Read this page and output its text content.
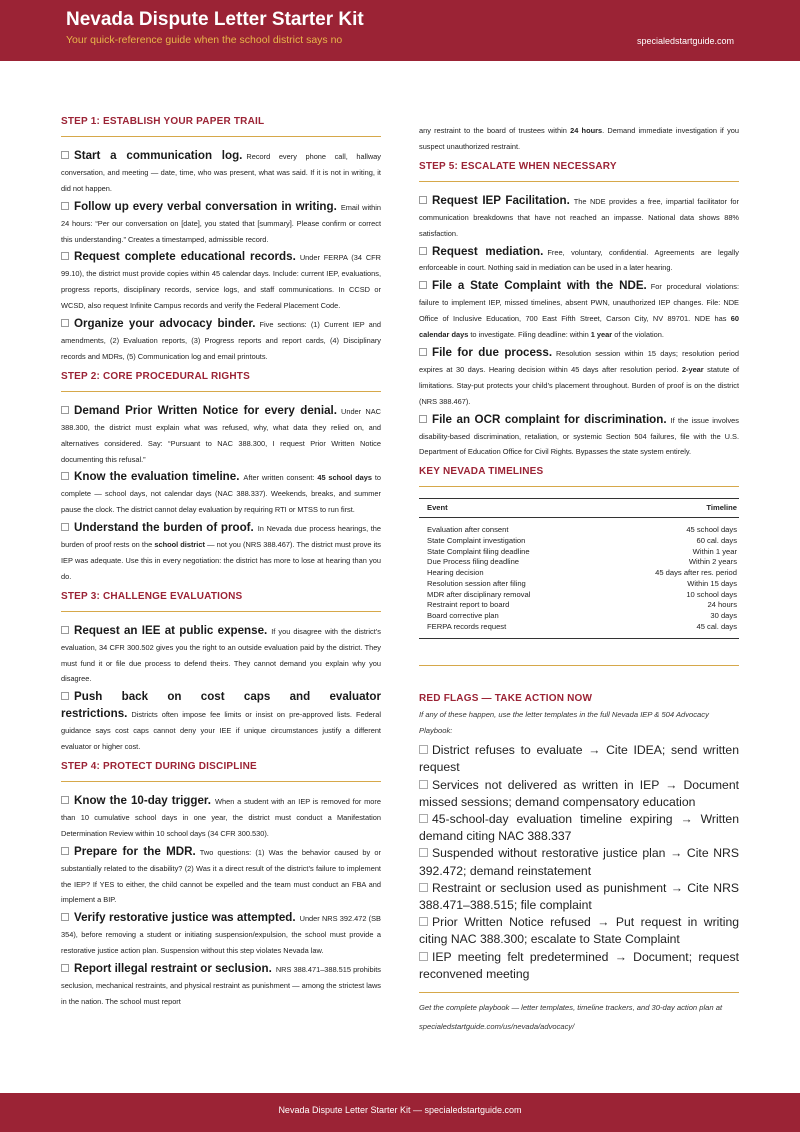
Nevada Dispute Letter Starter Kit
Your quick-reference guide when the school district says no	specialedstartguide.com
STEP 1: ESTABLISH YOUR PAPER TRAIL
Start a communication log. Record every phone call, hallway conversation, and meeting — date, time, who was present, what was said. If it is not in writing, it did not happen.
Follow up every verbal conversation in writing. Email within 24 hours: “Per our conversation on [date], you stated that [summary]. Please confirm or correct this understanding.” Creates a timestamped, admissible record.
Request complete educational records. Under FERPA (34 CFR 99.10), the district must provide copies within 45 calendar days. Include: current IEP, evaluations, progress reports, disciplinary records, service logs, and staff communications. In CCSD or WCSD, also request Infinite Campus records and verify the Federal Placement Code.
Organize your advocacy binder. Five sections: (1) Current IEP and amendments, (2) Evaluation reports, (3) Progress reports and report cards, (4) Disciplinary records and MDRs, (5) Communication log and email printouts.
STEP 2: CORE PROCEDURAL RIGHTS
Demand Prior Written Notice for every denial. Under NAC 388.300, the district must explain what was refused, why, what data they relied on, and alternatives considered. Say: “Pursuant to NAC 388.300, I request Prior Written Notice documenting this refusal.”
Know the evaluation timeline. After written consent: 45 school days to complete — school days, not calendar days (NAC 388.337). Weekends, breaks, and summer pause the clock. The district cannot delay evaluation by requiring RTI or MTSS to run first.
Understand the burden of proof. In Nevada due process hearings, the burden of proof rests on the school district — not you (NRS 388.467). The district must prove its IEP was adequate. Use this in every negotiation: the district has more to lose at hearing than you do.
STEP 3: CHALLENGE EVALUATIONS
Request an IEE at public expense. If you disagree with the district’s evaluation, 34 CFR 300.502 gives you the right to an outside evaluation paid by the district. They must fund it or file due process to defend theirs. They cannot demand you explain why you disagree.
Push back on cost caps and evaluator restrictions. Districts often impose fee limits or insist on pre-approved lists. Federal guidance says cost caps cannot deny your IEE if unique circumstances justify a different evaluator or higher cost.
STEP 4: PROTECT DURING DISCIPLINE
Know the 10-day trigger. When a student with an IEP is removed for more than 10 cumulative school days in one year, the district must conduct a Manifestation Determination Review within 10 school days (34 CFR 300.530).
Prepare for the MDR. Two questions: (1) Was the behavior caused by or substantially related to the disability? (2) Was it a direct result of the district’s failure to implement the IEP? If YES to either, the child cannot be expelled and the team must conduct an FBA and implement a BIP.
Verify restorative justice was attempted. Under NRS 392.472 (SB 354), before removing a student or initiating suspension/expulsion, the school must provide a restorative justice action plan. Suspension without this step violates Nevada law.
Report illegal restraint or seclusion. NRS 388.471–388.515 prohibits seclusion, mechanical restraints, and physical restraint as punishment — among the strictest laws in the nation. The school must report
any restraint to the board of trustees within 24 hours. Demand immediate investigation if you suspect unauthorized restraint.
STEP 5: ESCALATE WHEN NECESSARY
Request IEP Facilitation. The NDE provides a free, impartial facilitator for communication breakdowns that have not reached an impasse. National data shows 88% satisfaction.
Request mediation. Free, voluntary, confidential. Agreements are legally enforceable in court. Nothing said in mediation can be used in a later hearing.
File a State Complaint with the NDE. For procedural violations: failure to implement IEP, missed timelines, absent PWN, unauthorized IEP changes. File: NDE Office of Inclusive Education, 700 East Fifth Street, Carson City, NV 89701. NDE has 60 calendar days to investigate. Filing deadline: within 1 year of the violation.
File for due process. Resolution session within 15 days; resolution period expires at 30 days. Hearing decision within 45 days after resolution period. 2-year statute of limitations. Stay-put protects your child’s placement throughout. Burden of proof is on the district (NRS 388.467).
File an OCR complaint for discrimination. If the issue involves disability-based discrimination, retaliation, or systemic Section 504 failures, file with the U.S. Department of Education Office for Civil Rights. Bypasses the state system entirely.
KEY NEVADA TIMELINES
Event	Timeline
Evaluation after consent	45 school days
State Complaint investigation	60 cal. days
State Complaint filing deadline	Within 1 year
Due Process filing deadline	Within 2 years
Hearing decision	45 days after res. period
Resolution session after filing	Within 15 days
MDR after disciplinary removal	10 school days
Restraint report to board	24 hours
Board corrective plan	30 days
FERPA records request	45 cal. days
RED FLAGS — TAKE ACTION NOW
If any of these happen, use the letter templates in the full Nevada IEP & 504 Advocacy Playbook:
District refuses to evaluate → Cite IDEA; send written request
Services not delivered as written in IEP → Document missed sessions; demand compensatory education
45-school-day evaluation timeline expiring → Written demand citing NAC 388.337
Suspended without restorative justice plan → Cite NRS 392.472; demand reinstatement
Restraint or seclusion used as punishment → Cite NRS 388.471–388.515; file complaint
Prior Written Notice refused → Put request in writing citing NAC 388.300; escalate to State Complaint
IEP meeting felt predetermined → Document; request reconvened meeting
Get the complete playbook — letter templates, timeline trackers, and 30-day action plan at specialedstartguide.com/us/nevada/advocacy/
Nevada Dispute Letter Starter Kit — specialedstartguide.com
